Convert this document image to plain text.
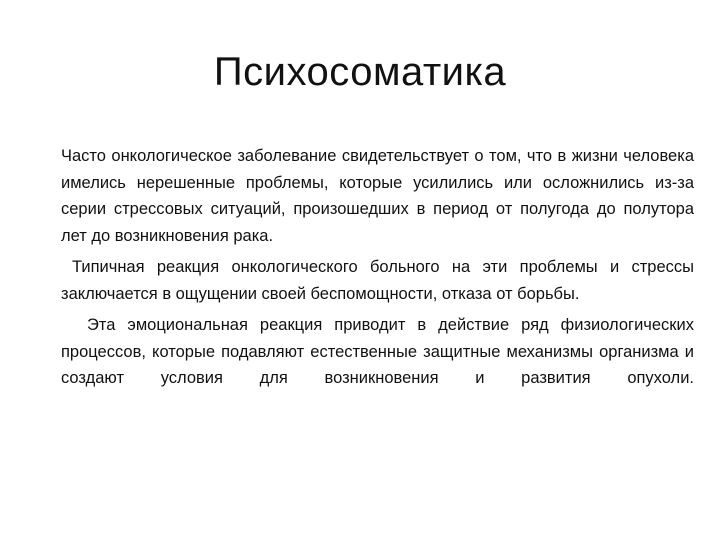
Психосоматика

Часто онкологическое заболевание свидетельствует о том, что в жизни человека имелись нерешенные проблемы, которые усилились или осложнились из-за серии стрессовых ситуаций, произошедших в период от полугода до полутора лет до возникновения рака.

Типичная реакция онкологического больного на эти проблемы и стрессы заключается в ощущении своей беспомощности, отказа от борьбы.

Эта эмоциональная реакция приводит в действие ряд физиологических процессов, которые подавляют естественные защитные механизмы организма и создают условия для возникновения и развития опухоли.
